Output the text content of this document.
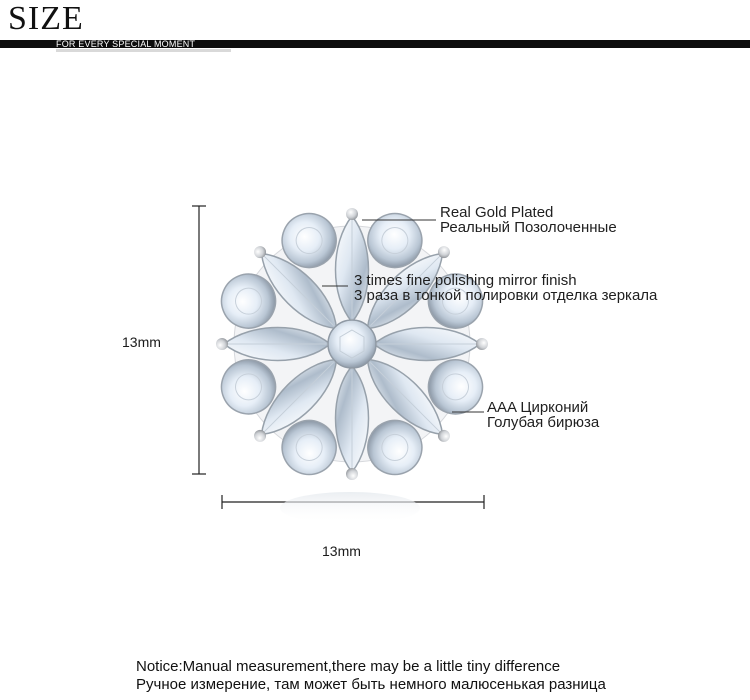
SIZE
FOR EVERY SPECIAL MOMENT
Real Gold Plated
Реальный Позолоченные
3 times fine polishing mirror finish
3 раза в тонкой полировки отделка зеркала
AAA Цирконий
Голубая бирюза
13mm
13mm
Notice:Manual measurement,there may be a little tiny difference
Ручное измерение, там может быть немного малюсенькая разница
